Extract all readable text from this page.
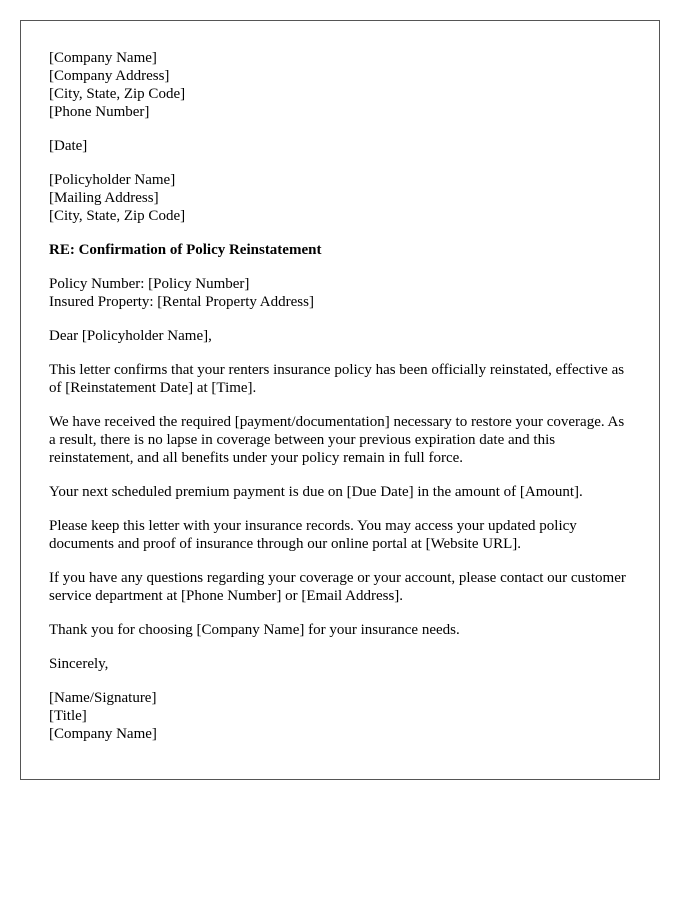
[Company Name]
[Company Address]
[City, State, Zip Code]
[Phone Number]
[Date]
[Policyholder Name]
[Mailing Address]
[City, State, Zip Code]
RE: Confirmation of Policy Reinstatement
Policy Number: [Policy Number]
Insured Property: [Rental Property Address]

Dear [Policyholder Name],

This letter confirms that your renters insurance policy has been officially reinstated, effective as of [Reinstatement Date] at [Time].

We have received the required [payment/documentation] necessary to restore your coverage. As a result, there is no lapse in coverage between your previous expiration date and this reinstatement, and all benefits under your policy remain in full force.

Your next scheduled premium payment is due on [Due Date] in the amount of [Amount].

Please keep this letter with your insurance records. You may access your updated policy documents and proof of insurance through our online portal at [Website URL].

If you have any questions regarding your coverage or your account, please contact our customer service department at [Phone Number] or [Email Address].

Thank you for choosing [Company Name] for your insurance needs.

Sincerely,

[Name/Signature]
[Title]
[Company Name]
